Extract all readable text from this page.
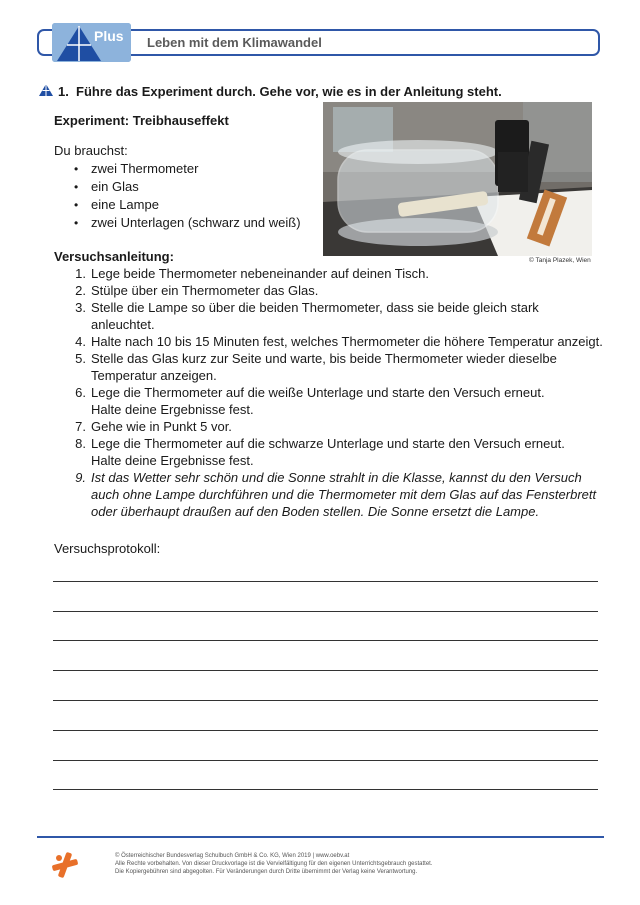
Plus Leben mit dem Klimawandel
1. Führe das Experiment durch. Gehe vor, wie es in der Anleitung steht.
Experiment: Treibhauseffekt
Du brauchst:
• zwei Thermometer
• ein Glas
• eine Lampe
• zwei Unterlagen (schwarz und weiß)
© Tanja Plazek, Wien
Versuchsanleitung:
1. Lege beide Thermometer nebeneinander auf deinen Tisch.
2. Stülpe über ein Thermometer das Glas.
3. Stelle die Lampe so über die beiden Thermometer, dass sie beide gleich stark
anleuchtet.
4. Halte nach 10 bis 15 Minuten fest, welches Thermometer die höhere Temperatur anzeigt.
5. Stelle das Glas kurz zur Seite und warte, bis beide Thermometer wieder dieselbe
Temperatur anzeigen.
6. Lege die Thermometer auf die weiße Unterlage und starte den Versuch erneut.
Halte deine Ergebnisse fest.
7. Gehe wie in Punkt 5 vor.
8. Lege die Thermometer auf die schwarze Unterlage und starte den Versuch erneut.
Halte deine Ergebnisse fest.
9. Ist das Wetter sehr schön und die Sonne strahlt in die Klasse, kannst du den Versuch
auch ohne Lampe durchführen und die Thermometer mit dem Glas auf das Fensterbrett
oder überhaupt draußen auf den Boden stellen. Die Sonne ersetzt die Lampe.
Versuchsprotokoll:
© Österreichischer Bundesverlag Schulbuch GmbH & Co. KG, Wien 2019 | www.oebv.at
Alle Rechte vorbehalten. Von dieser Druckvorlage ist die Vervielfältigung für den eigenen Unterrichtsgebrauch gestattet.
Die Kopiergebühren sind abgegolten. Für Veränderungen durch Dritte übernimmt der Verlag keine Verantwortung.
